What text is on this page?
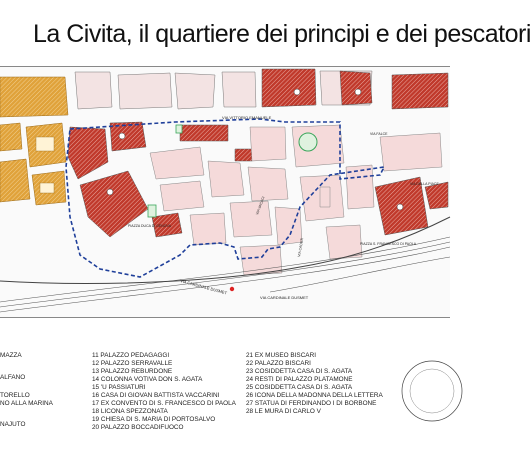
La Civita, il quartiere dei principi e dei pescatori
VIA VITTORIO EMANUELE
VIA CARDINALE DUSMET
VIA CARDINALE DUSMET
PIAZZA S. FRANCESCO DI PAOLA
PIAZZA DUCA DI GENOVA
VIA DELLA PIACE
VIA FALCE
VIA CADETI
VIA VACACI
MAZZA
ALFANO
TORELLO
NO ALLA MARINA
NAJUTO
11 PALAZZO PEDAGAGGI
12 PALAZZO SERRAVALLE
13 PALAZZO REBURDONE
14 COLONNA VOTIVA DON S. AGATA
15 'U PASSIATURI
16 CASA DI GIOVAN BATTISTA VACCARINI
17 EX CONVENTO DI S. FRANCESCO DI PAOLA
18 LICONA SPEZZONATA
19 CHIESA DI S. MARIA DI PORTOSALVO
20 PALAZZO BOCCADIFUOCO
21 EX MUSEO BISCARI
22 PALAZZO BISCARI
23 COSIDDETTA CASA DI S. AGATA
24 RESTI DI PALAZZO PLATAMONE
25 COSIDDETTA CASA DI S. AGATA
26 ICONA DELLA MADONNA DELLA LETTERA
27 STATUA DI FERDINANDO I DI BORBONE
28 LE MURA DI CARLO V
